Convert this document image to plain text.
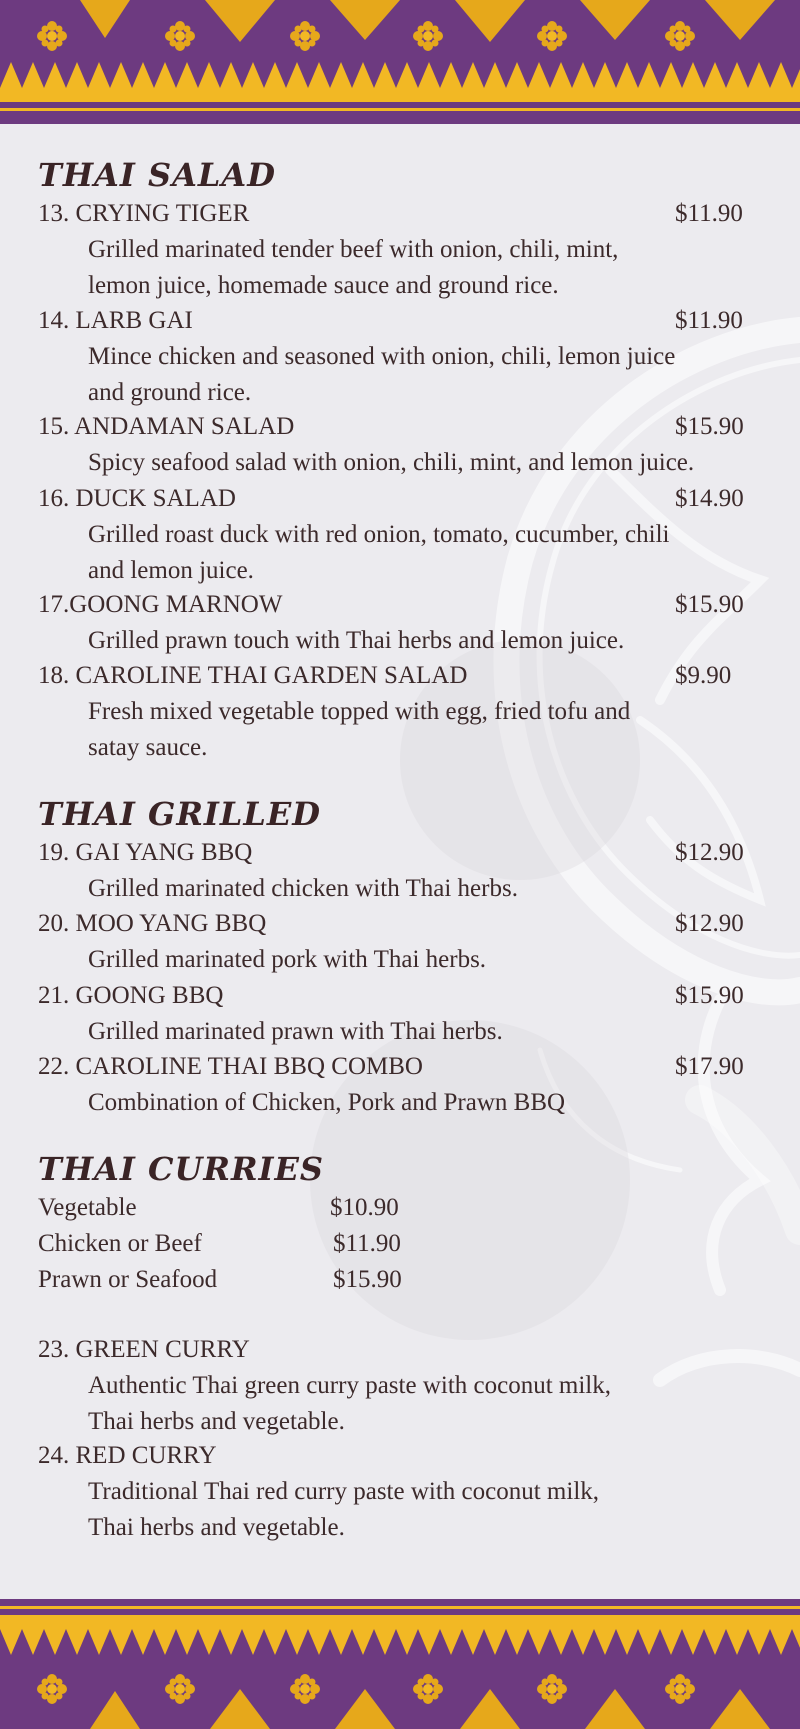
THAI SALAD
13. CRYING TIGER	$11.90
Grilled marinated tender beef with onion, chili, mint,
lemon juice, homemade sauce and ground rice.
14. LARB GAI	$11.90
Mince chicken and seasoned with onion, chili, lemon juice
and ground rice.
15. ANDAMAN SALAD	$15.90
Spicy seafood salad with onion, chili, mint, and lemon juice.
16. DUCK SALAD	$14.90
Grilled roast duck with red onion, tomato, cucumber, chili
and lemon juice.
17.GOONG MARNOW	$15.90
Grilled prawn touch with Thai herbs and lemon juice.
18. CAROLINE THAI GARDEN SALAD	$9.90
Fresh mixed vegetable topped with egg, fried tofu and
satay sauce.
THAI GRILLED
19. GAI YANG BBQ	$12.90
Grilled marinated chicken with Thai herbs.
20. MOO YANG BBQ	$12.90
Grilled marinated pork with Thai herbs.
21. GOONG BBQ	$15.90
Grilled marinated prawn with Thai herbs.
22. CAROLINE THAI BBQ COMBO	$17.90
Combination of Chicken, Pork and Prawn BBQ
THAI CURRIES
Vegetable	$10.90
Chicken or Beef	$11.90
Prawn or Seafood	$15.90
23. GREEN CURRY
Authentic Thai green curry paste with coconut milk,
Thai herbs and vegetable.
24. RED CURRY
Traditional Thai red curry paste with coconut milk,
Thai herbs and vegetable.
